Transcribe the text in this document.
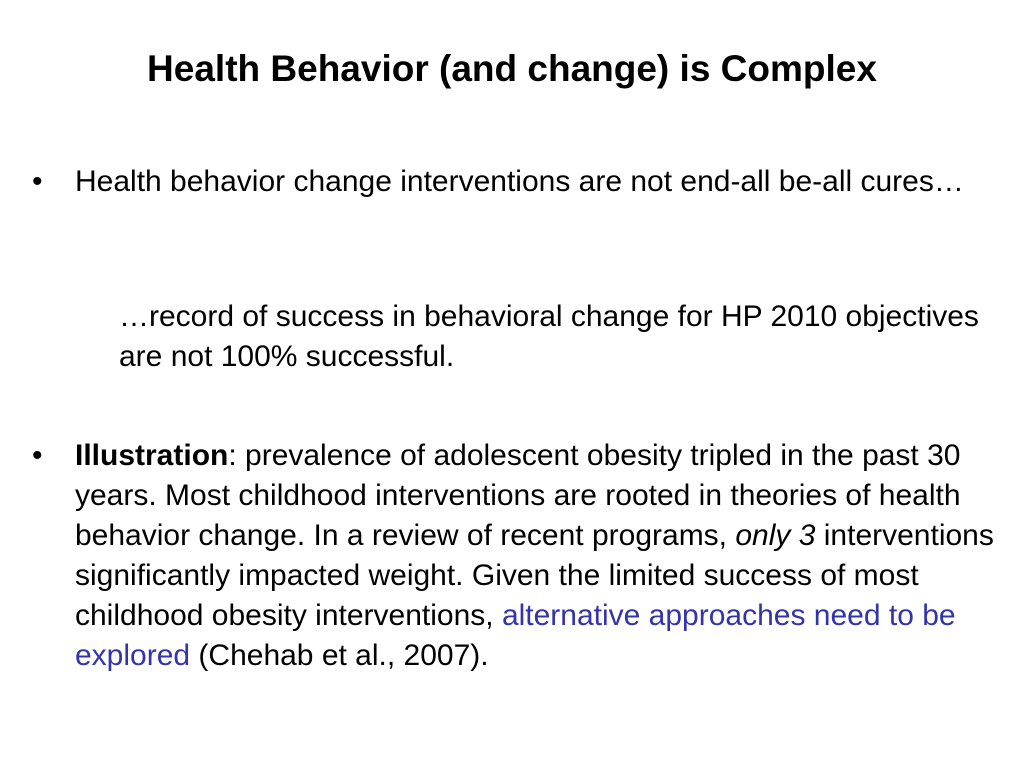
Health Behavior (and change) is Complex
• Health behavior change interventions are not end-all be-all cures…
…record of success in behavioral change for HP 2010 objectives are not 100% successful.
• Illustration: prevalence of adolescent obesity tripled in the past 30 years. Most childhood interventions are rooted in theories of health behavior change. In a review of recent programs, only 3 interventions significantly impacted weight. Given the limited success of most childhood obesity interventions, alternative approaches need to be explored (Chehab et al., 2007).
